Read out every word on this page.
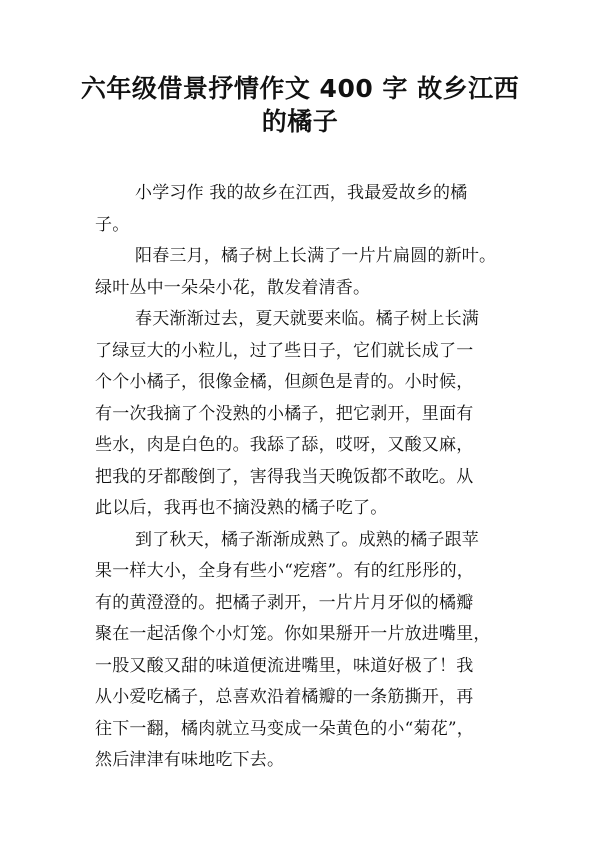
六年级借景抒情作文 400 字 故乡江西
的橘子
小学习作 我的故乡在江西，我最爱故乡的橘
子。
阳春三月，橘子树上长满了一片片扁圆的新叶。
绿叶丛中一朵朵小花，散发着清香。
春天渐渐过去，夏天就要来临。橘子树上长满
了绿豆大的小粒儿，过了些日子，它们就长成了一
个个小橘子，很像金橘，但颜色是青的。小时候，
有一次我摘了个没熟的小橘子，把它剥开，里面有
些水，肉是白色的。我舔了舔，哎呀，又酸又麻，
把我的牙都酸倒了，害得我当天晚饭都不敢吃。从
此以后，我再也不摘没熟的橘子吃了。
到了秋天，橘子渐渐成熟了。成熟的橘子跟苹
果一样大小，全身有些小“疙瘩”。有的红彤彤的，
有的黄澄澄的。把橘子剥开，一片片月牙似的橘瓣
聚在一起活像个小灯笼。你如果掰开一片放进嘴里，
一股又酸又甜的味道便流进嘴里，味道好极了！我
从小爱吃橘子，总喜欢沿着橘瓣的一条筋撕开，再
往下一翻，橘肉就立马变成一朵黄色的小“菊花”，
然后津津有味地吃下去。
